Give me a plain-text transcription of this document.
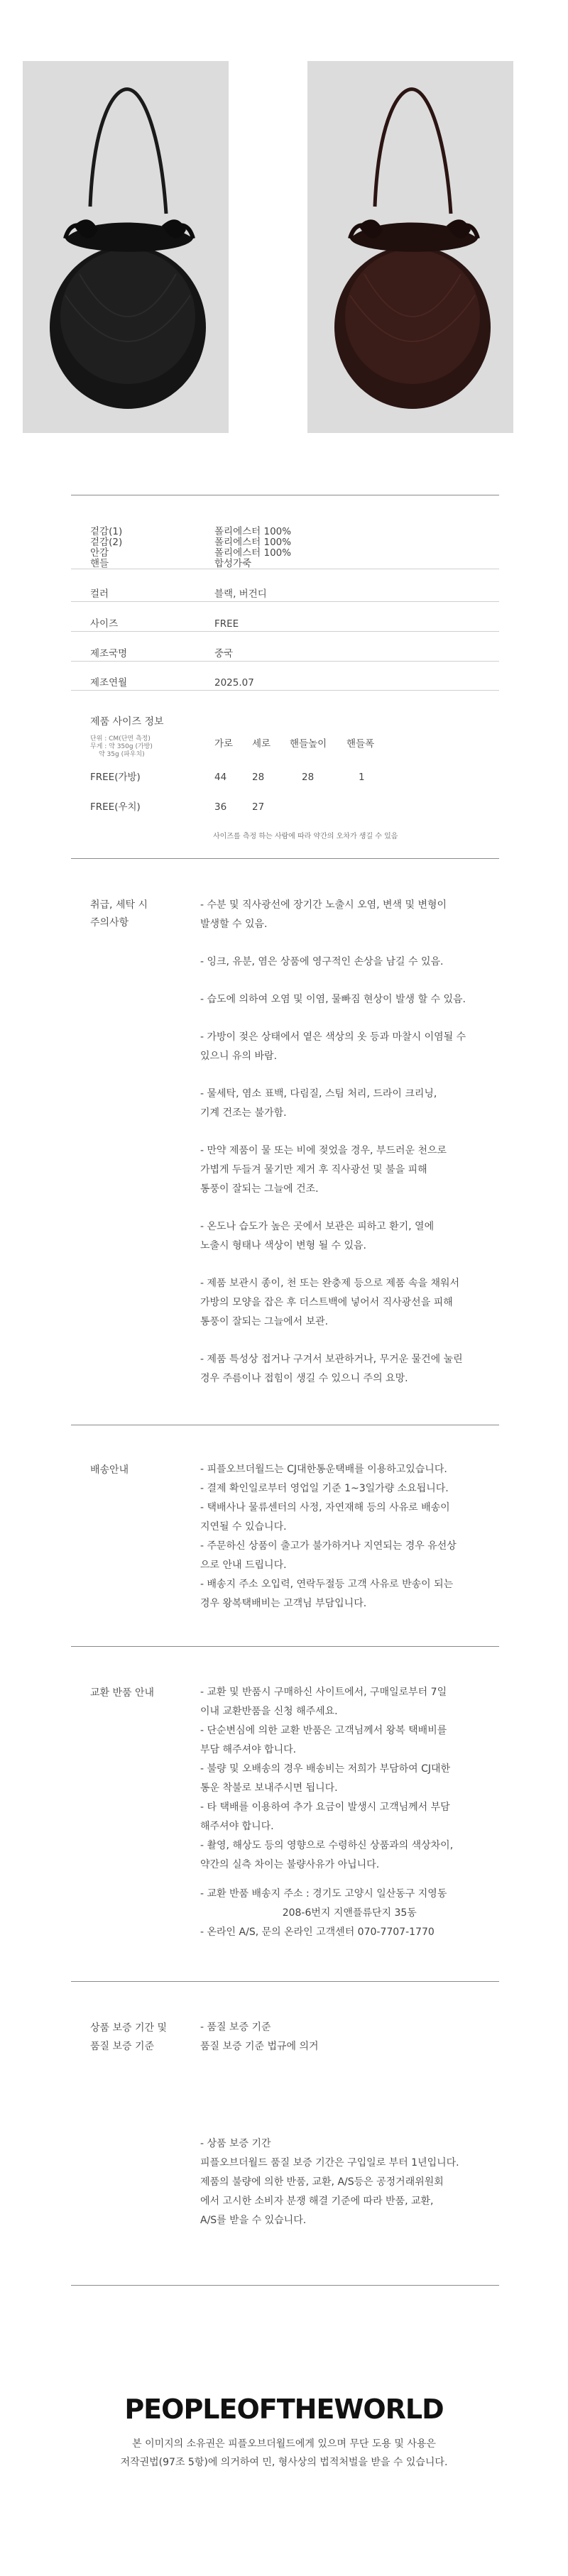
겉감(1)	폴리에스터 100%
겉감(2)	폴리에스터 100%
안감	폴리에스터 100%
핸들	합성가죽
컬러	블랙, 버건디
사이즈	FREE
제조국명	중국
제조연월	2025.07
제품 사이즈 정보
단위 : CM(단면 측정)
무게 : 약 350g (가방)
약 35g (파우치)
가로 세로 핸들높이 핸들폭
FREE(가방)	44	28	28	1
FREE(우치)	36	27
사이즈를 측정 하는 사람에 따라 약간의 오차가 생길 수 있음
취급, 세탁 시
주의사항

- 수분 및 직사광선에 장기간 노출시 오염, 변색 및 변형이

발생할 수 있음.

- 잉크, 유분, 염은 상품에 영구적인 손상을 남길 수 있음.

- 습도에 의하여 오염 및 이염, 물빠짐 현상이 발생 할 수 있음.

- 가방이 젖은 상태에서 옅은 색상의 옷 등과 마찰시 이염될 수

있으니 유의 바람.

- 물세탁, 염소 표백, 다림질, 스팀 처리, 드라이 크리닝,

기계 건조는 불가함.

- 만약 제품이 물 또는 비에 젖었을 경우, 부드러운 천으로

가볍게 두들겨 물기만 제거 후 직사광선 및 불을 피해

통풍이 잘되는 그늘에 건조.

- 온도나 습도가 높은 곳에서 보관은 피하고 환기, 열에

노출시 형태나 색상이 변형 될 수 있음.

- 제품 보관시 종이, 천 또는 완충제 등으로 제품 속을 채워서

가방의 모양을 잡은 후 더스트백에 넣어서 직사광선을 피해

통풍이 잘되는 그늘에서 보관.

- 제품 특성상 접거나 구겨서 보관하거나, 무거운 물건에 눌린

경우 주름이나 접힘이 생길 수 있으니 주의 요망.

배송안내	- 피플오브더월드는 CJ대한통운택배를 이용하고있습니다.

- 결제 확인일로부터 영업일 기준 1~3일가량 소요됩니다.

- 택배사나 물류센터의 사정, 자연재해 등의 사유로 배송이

지연될 수 있습니다.

- 주문하신 상품이 출고가 불가하거나 지연되는 경우 유선상

으로 안내 드립니다.

- 배송지 주소 오입력, 연락두절등 고객 사유로 반송이 되는

경우 왕복택배비는 고객님 부담입니다.

교환 반품 안내	- 교환 및 반품시 구매하신 사이트에서, 구매일로부터 7일

이내 교환반품을 신청 해주세요.

- 단순변심에 의한 교환 반품은 고객님께서 왕복 택배비를

부담 해주셔야 합니다.

- 불량 및 오배송의 경우 배송비는 저희가 부담하여 CJ대한

통운 착불로 보내주시면 됩니다.

- 타 택배를 이용하여 추가 요금이 발생시 고객님께서 부담

해주셔야 합니다.

- 촬영, 해상도 등의 영향으로 수령하신 상품과의 색상차이,

약간의 실측 차이는 불량사유가 아닙니다.

- 교환 반품 배송지 주소 : 경기도 고양시 일산동구 지영동

208-6번지 지앤플류단지 35동

- 온라인 A/S, 문의 온라인 고객센터 070-7707-1770

상품 보증 기간 및
품질 보증 기준

- 품질 보증 기준

품질 보증 기준 법규에 의거

- 상품 보증 기간

피플오브더월드 품질 보증 기간은 구입일로 부터 1년입니다.

제품의 불량에 의한 반품, 교환, A/S등은 공정거래위원회

에서 고시한 소비자 분쟁 해결 기준에 따라 반품, 교환,

A/S를 받을 수 있습니다.

PEOPLEOFTHEWORLD

본 이미지의 소유권은 피플오브더월드에게 있으며 무단 도용 및 사용은

저작권법(97조 5항)에 의거하여 민, 형사상의 법적처벌을 받을 수 있습니다.
